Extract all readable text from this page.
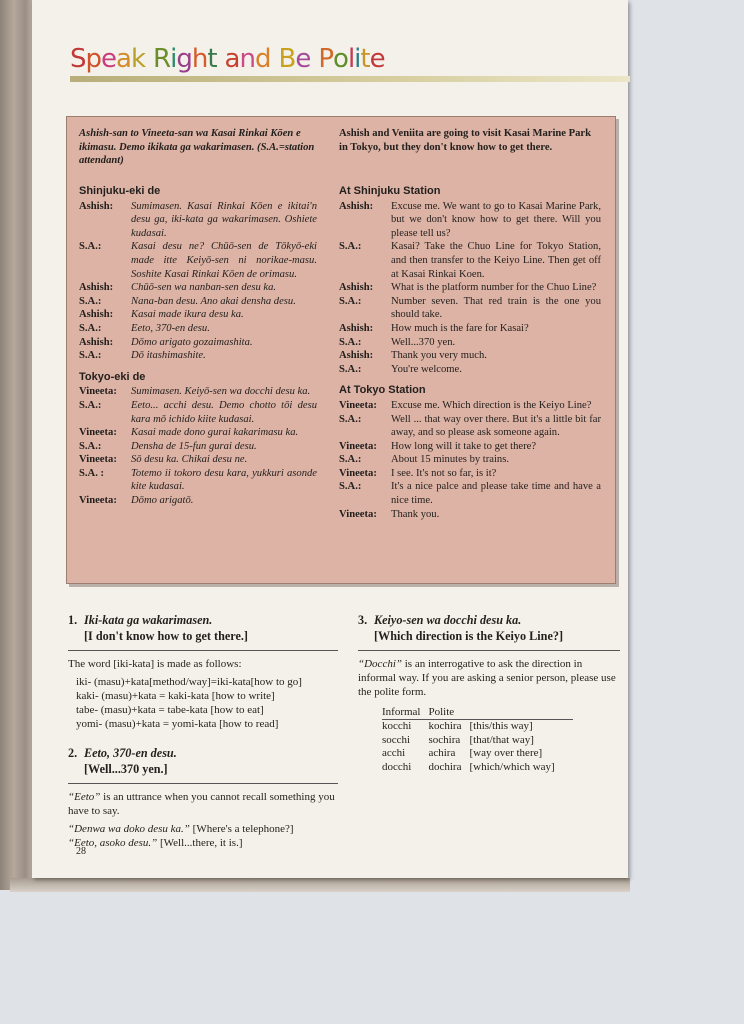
Speak Right and Be Polite
Ashish-san to Vineeta-san wa Kasai Rinkai Kōen e ikimasu. Demo ikikata ga wakarimasen. (S.A.=station attendant)
Shinjuku-eki de
Ashish:	Sumimasen. Kasai Rinkai Kōen e ikitai'n desu ga, iki-kata ga wakarimasen. Oshiete kudasai.
S.A.:	Kasai desu ne? Chūō-sen de Tōkyō-eki made itte Keiyō-sen ni norikae-masu. Soshite Kasai Rinkai Kōen de orimasu.
Ashish:	Chūō-sen wa nanban-sen desu ka.
S.A.:	Nana-ban desu. Ano akai densha desu.
Ashish:	Kasai made ikura desu ka.
S.A.:	Eeto, 370-en desu.
Ashish:	Dōmo arigato gozaimashita.
S.A.:	Dō itashimashite.
Tokyo-eki de
Vineeta:	Sumimasen. Keiyō-sen wa docchi desu ka.
S.A.:	Eeto... acchi desu. Demo chotto tōi desu kara mō ichido kiite kudasai.
Vineeta:	Kasai made dono gurai kakarimasu ka.
S.A.:	Densha de 15-fun gurai desu.
Vineeta:	Sō desu ka. Chikai desu ne.
S.A. :	Totemo ii tokoro desu kara, yukkuri asonde kite kudasai.
Vineeta:	Dōmo arigatō.
Ashish and Veniita are going to visit Kasai Marine Park in Tokyo, but they don't know how to get there.
At Shinjuku Station
Ashish:	Excuse me. We want to go to Kasai Marine Park, but we don't know how to get there. Will you please tell us?
S.A.:	Kasai? Take the Chuo Line for Tokyo Station, and then transfer to the Keiyo Line. Then get off at Kasai Rinkai Koen.
Ashish:	What is the platform number for the Chuo Line?
S.A.:	Number seven. That red train is the one you should take.
Ashish:	How much is the fare for Kasai?
S.A.:	Well...370 yen.
Ashish:	Thank you very much.
S.A.:	You're welcome.
At Tokyo Station
Vineeta:	Excuse me. Which direction is the Keiyo Line?
S.A.:	Well ... that way over there. But it's a little bit far away, and so please ask someone again.
Vineeta:	How long will it take to get there?
S.A.:	About 15 minutes by trains.
Vineeta:	I see. It's not so far, is it?
S.A.:	It's a nice palce and please take time and have a nice time.
Vineeta:	Thank you.
1. Iki-kata ga wakarimasen.
[I don't know how to get there.]

The word [iki-kata] is made as follows:

iki- (masu)+kata[method/way]=iki-kata[how to go]
kaki- (masu)+kata = kaki-kata [how to write]
tabe- (masu)+kata = tabe-kata [how to eat]
yomi- (masu)+kata = yomi-kata [how to read]
2. Eeto, 370-en desu.
[Well...370 yen.]

“Eeto” is an uttrance when you cannot recall something you have to say.

“Denwa wa doko desu ka.” [Where's a telephone?]
“Eeto, asoko desu.” [Well...there, it is.]
3. Keiyo-sen wa docchi desu ka.
[Which direction is the Keiyo Line?]

“Docchi” is an interrogative to ask the direction in informal way. If you are asking a senior person, please use the polite form.

Informal	Polite	
kocchi	kochira	[this/this way]
socchi	sochira	[that/that way]
acchi	achira	[way over there]
docchi	dochira	[which/which way]
28
